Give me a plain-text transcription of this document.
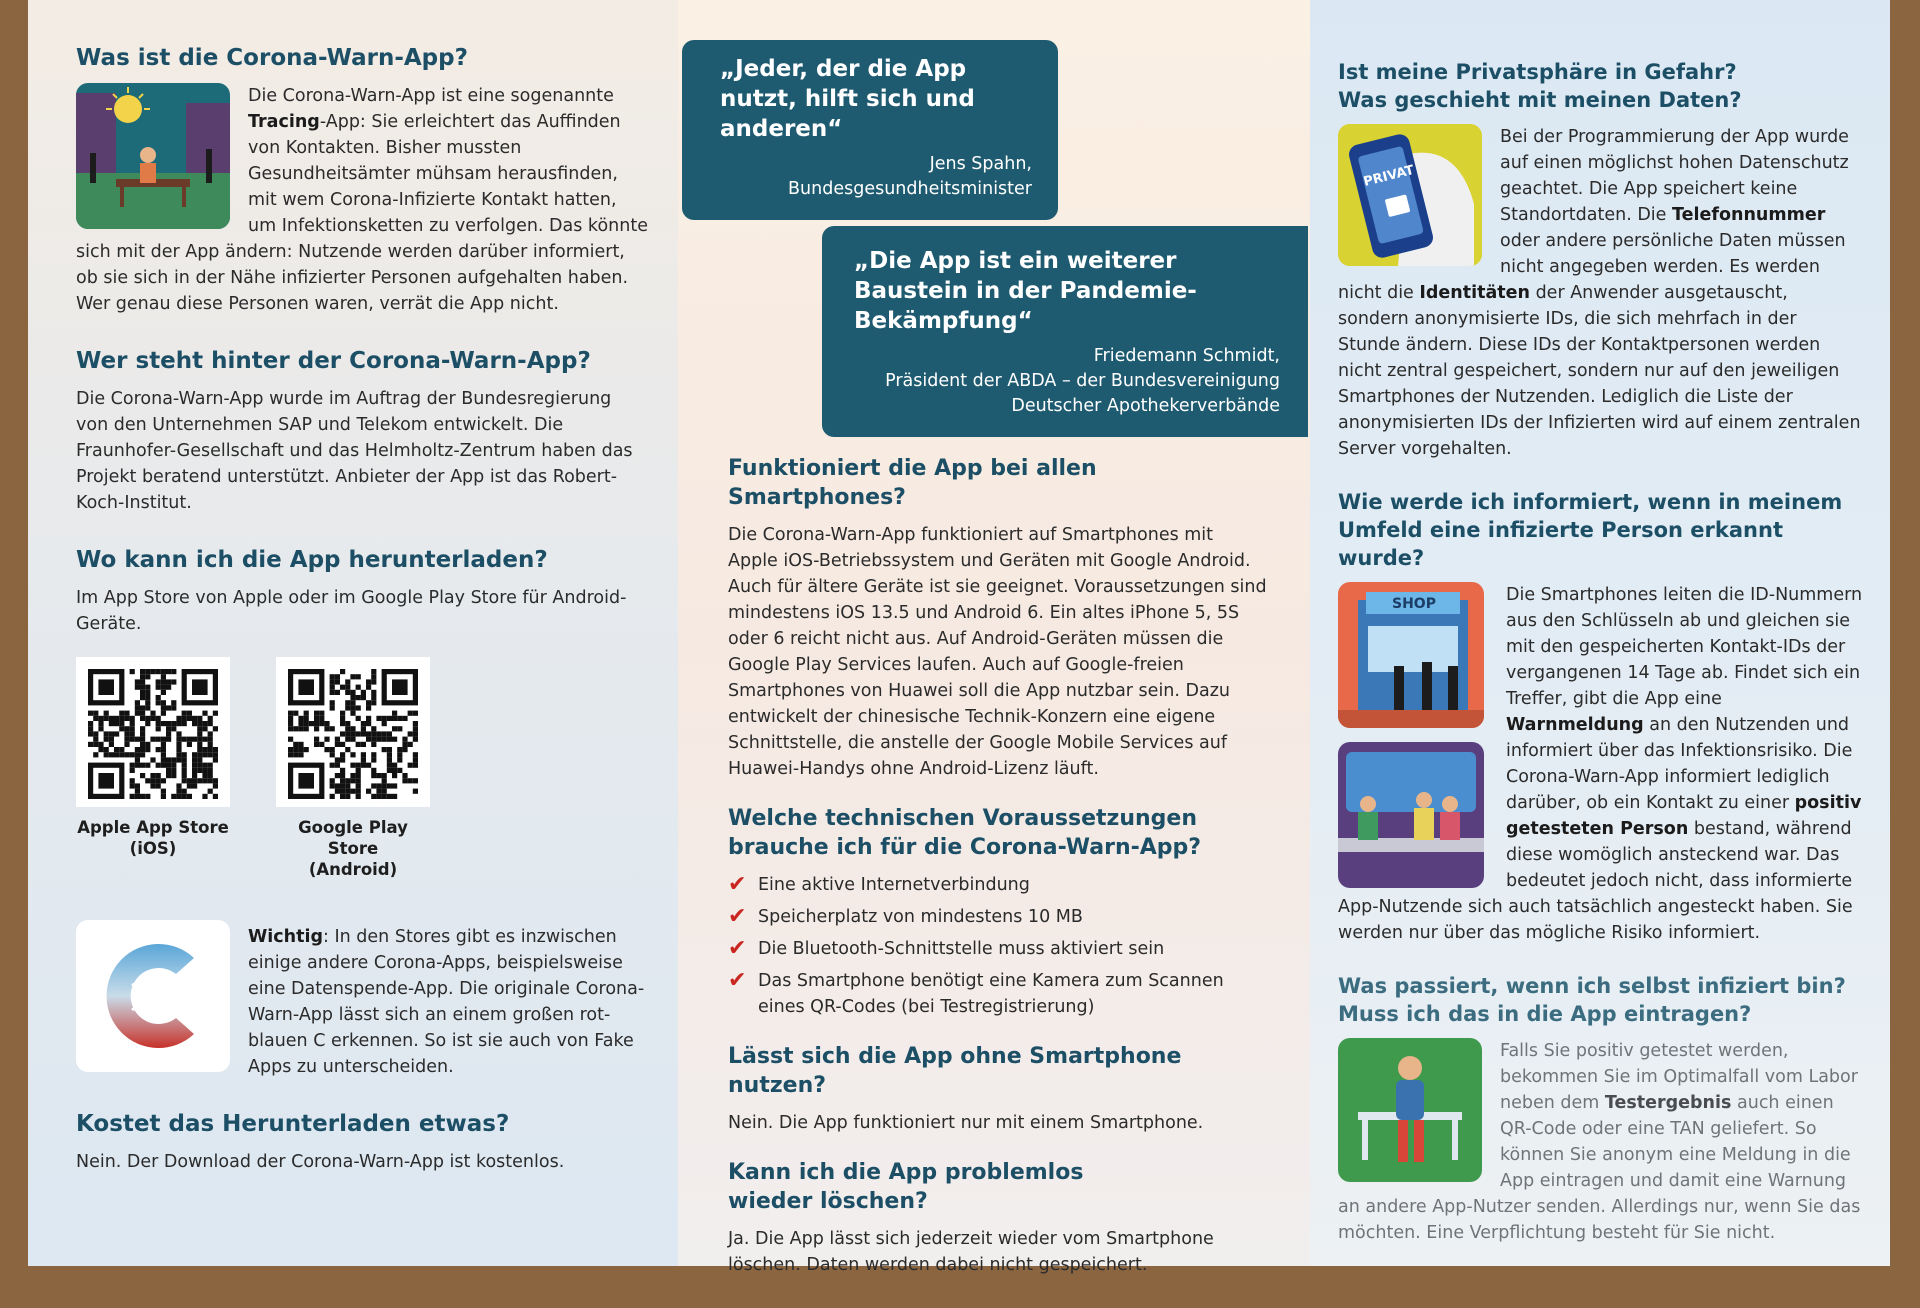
Was ist die Corona-Warn-App?

Die Corona-Warn-App ist eine sogenannte Tracing-App: Sie erleichtert das Auffinden von Kontakten. Bisher mussten Gesundheitsämter mühsam herausfinden, mit wem Corona-Infizierte Kontakt hatten, um Infektionsketten zu verfolgen. Das könnte sich mit der App ändern: Nutzende werden darüber informiert, ob sie sich in der Nähe infizierter Personen aufgehalten haben. Wer genau diese Personen waren, verrät die App nicht.

Wer steht hinter der Corona-Warn-App?

Die Corona-Warn-App wurde im Auftrag der Bundesregierung von den Unternehmen SAP und Telekom entwickelt. Die Fraunhofer-Gesellschaft und das Helmholtz-Zentrum haben das Projekt beratend unterstützt. Anbieter der App ist das Robert-Koch-Institut.

Wo kann ich die App herunterladen?

Im App Store von Apple oder im Google Play Store für Android-Geräte.

Apple App Store
(iOS)
Google Play Store
(Android)

Wichtig: In den Stores gibt es inzwischen einige andere Corona-Apps, beispielsweise eine Datenspende-App. Die originale Corona-Warn-App lässt sich an einem großen rot-blauen C erkennen. So ist sie auch von Fake Apps zu unterscheiden.

Kostet das Herunterladen etwas?

Nein. Der Download der Corona-Warn-App ist kostenlos.

„Jeder, der die App nutzt, hilft sich und anderen“
Jens Spahn,
Bundesgesundheitsminister
„Die App ist ein weiterer Baustein in der Pandemie-Bekämpfung“
Friedemann Schmidt,
Präsident der ABDA – der Bundesvereinigung
Deutscher Apothekerverbände
Funktioniert die App bei allen Smartphones?

Die Corona-Warn-App funktioniert auf Smartphones mit Apple iOS-Betriebssystem und Geräten mit Google Android. Auch für ältere Geräte ist sie geeignet. Voraussetzungen sind mindestens iOS 13.5 und Android 6. Ein altes iPhone 5, 5S oder 6 reicht nicht aus. Auf Android-Geräten müssen die Google Play Services laufen. Auch auf Google-freien Smartphones von Huawei soll die App nutzbar sein. Dazu entwickelt der chinesische Technik-Konzern eine eigene Schnittstelle, die anstelle der Google Mobile Services auf Huawei-Handys ohne Android-Lizenz läuft.

Welche technischen Voraussetzungen brauche ich für die Corona-Warn-App?
✔ Eine aktive Internetverbindung
✔ Speicherplatz von mindestens 10 MB
✔ Die Bluetooth-Schnittstelle muss aktiviert sein
✔ Das Smartphone benötigt eine Kamera zum Scannen eines QR-Codes (bei Testregistrierung)
Lässt sich die App ohne Smartphone nutzen?

Nein. Die App funktioniert nur mit einem Smartphone.

Kann ich die App problemlos wieder löschen?

Ja. Die App lässt sich jederzeit wieder vom Smartphone löschen. Daten werden dabei nicht gespeichert.

Ist meine Privatsphäre in Gefahr? Was geschieht mit meinen Daten?
PRIVAT

Bei der Programmierung der App wurde auf einen möglichst hohen Datenschutz geachtet. Die App speichert keine Standortdaten. Die Telefonnummer oder andere persönliche Daten müssen nicht angegeben werden. Es werden nicht die Identitäten der Anwender ausgetauscht, sondern anonymisierte IDs, die sich mehrfach in der Stunde ändern. Diese IDs der Kontaktpersonen werden nicht zentral gespeichert, sondern nur auf den jeweiligen Smartphones der Nutzenden. Lediglich die Liste der anonymisierten IDs der Infizierten wird auf einem zentralen Server vorgehalten.

Wie werde ich informiert, wenn in meinem Umfeld eine infizierte Person erkannt wurde?
SHOP	Die Smartphones leiten die ID-Nummern aus den Schlüsseln ab und gleichen sie mit den gespeicherten Kontakt-IDs der vergangenen 14 Tage ab. Findet sich ein Treffer, gibt die App eine Warnmeldung an den Nutzenden und informiert über das Infektionsrisiko. Die Corona-Warn-App informiert lediglich darüber, ob ein Kontakt zu einer positiv getesteten Person bestand, während diese womöglich ansteckend war. Das bedeutet jedoch nicht, dass informierte App-Nutzende sich auch tatsächlich angesteckt haben. Sie werden nur über das mögliche Risiko informiert.

Was passiert, wenn ich selbst infiziert bin? Muss ich das in die App eintragen?

Falls Sie positiv getestet werden, bekommen Sie im Optimalfall vom Labor neben dem Testergebnis auch einen QR-Code oder eine TAN geliefert. So können Sie anonym eine Meldung in die App eintragen und damit eine Warnung an andere App-Nutzer senden. Allerdings nur, wenn Sie das möchten. Eine Verpflichtung besteht für Sie nicht.
